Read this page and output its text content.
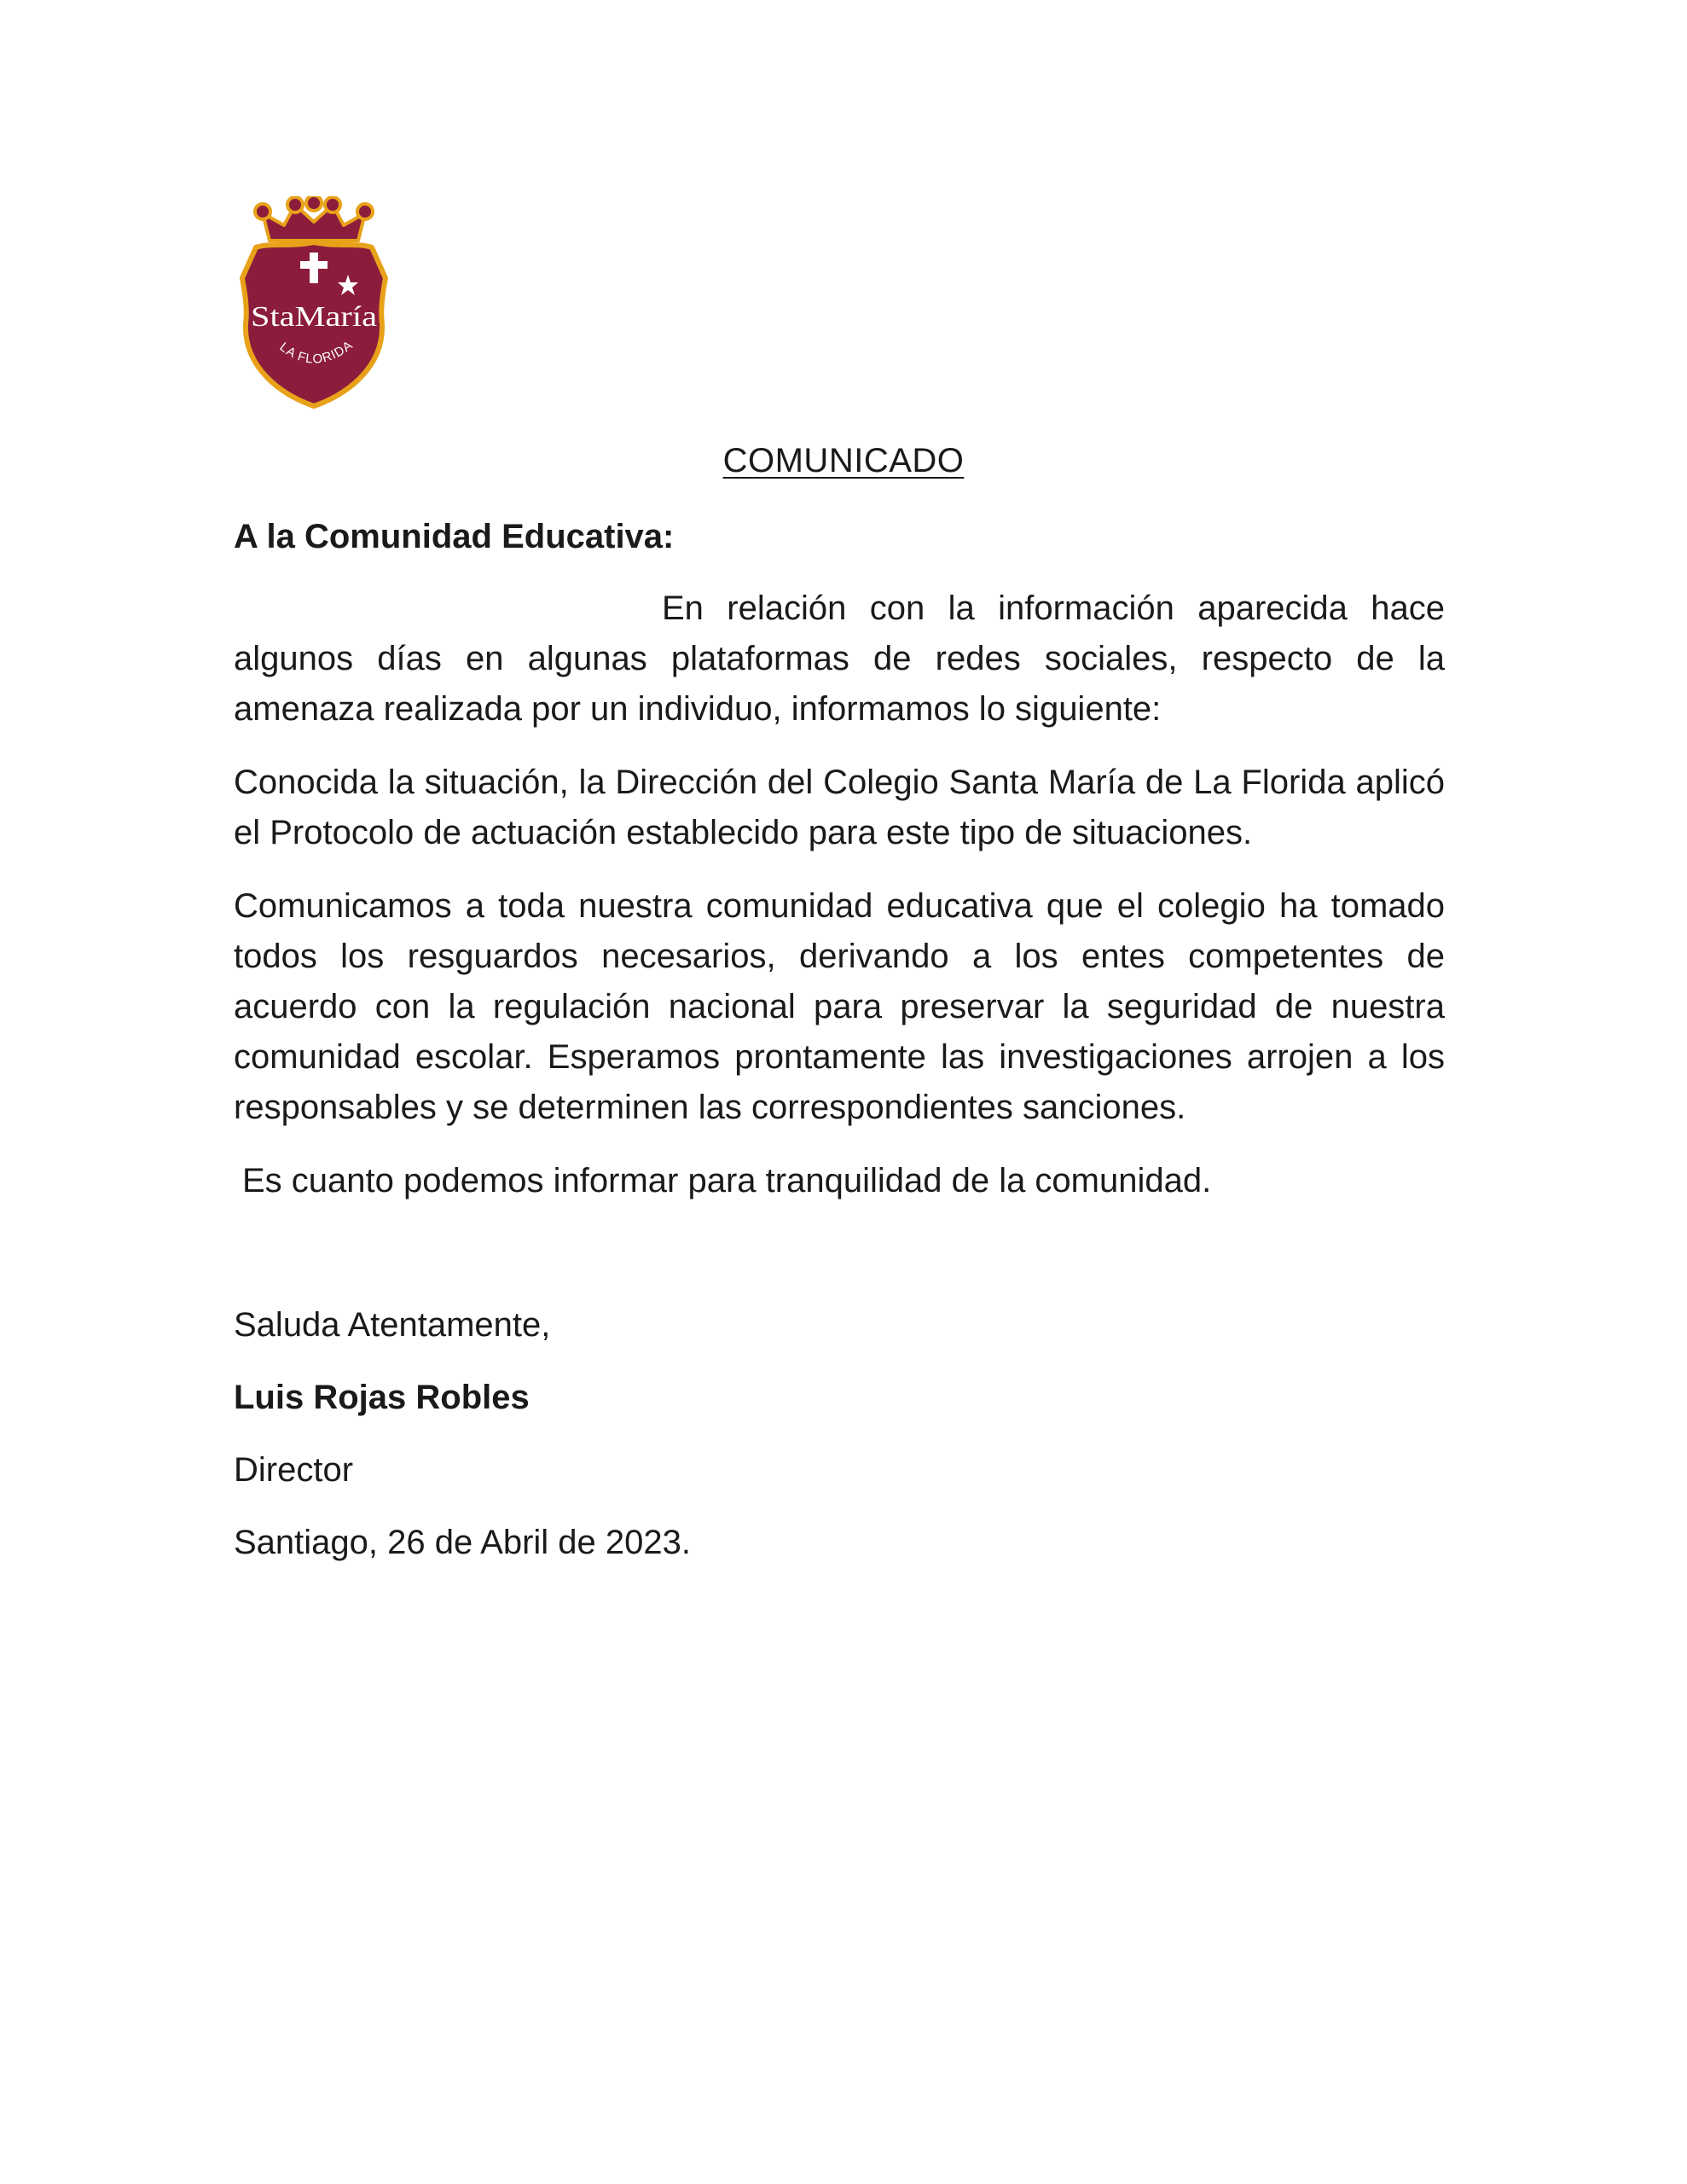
StaMaría
LA FLORIDA
COMUNICADO
A la Comunidad Educativa:

En relación con la información aparecida hace algunos días en algunas plataformas de redes sociales, respecto de la amenaza realizada por un individuo, informamos lo siguiente:

Conocida la situación, la Dirección del Colegio Santa María de La Florida aplicó el Protocolo de actuación establecido para este tipo de situaciones.

Comunicamos a toda nuestra comunidad educativa que el colegio ha tomado todos los resguardos necesarios, derivando a los entes competentes de acuerdo con la regulación nacional para preservar la seguridad de nuestra comunidad escolar. Esperamos prontamente las investigaciones arrojen a los responsables y se determinen las correspondientes sanciones.

Es cuanto podemos informar para tranquilidad de la comunidad.

Saluda Atentamente,
Luis Rojas Robles
Director
Santiago, 26 de Abril de 2023.
